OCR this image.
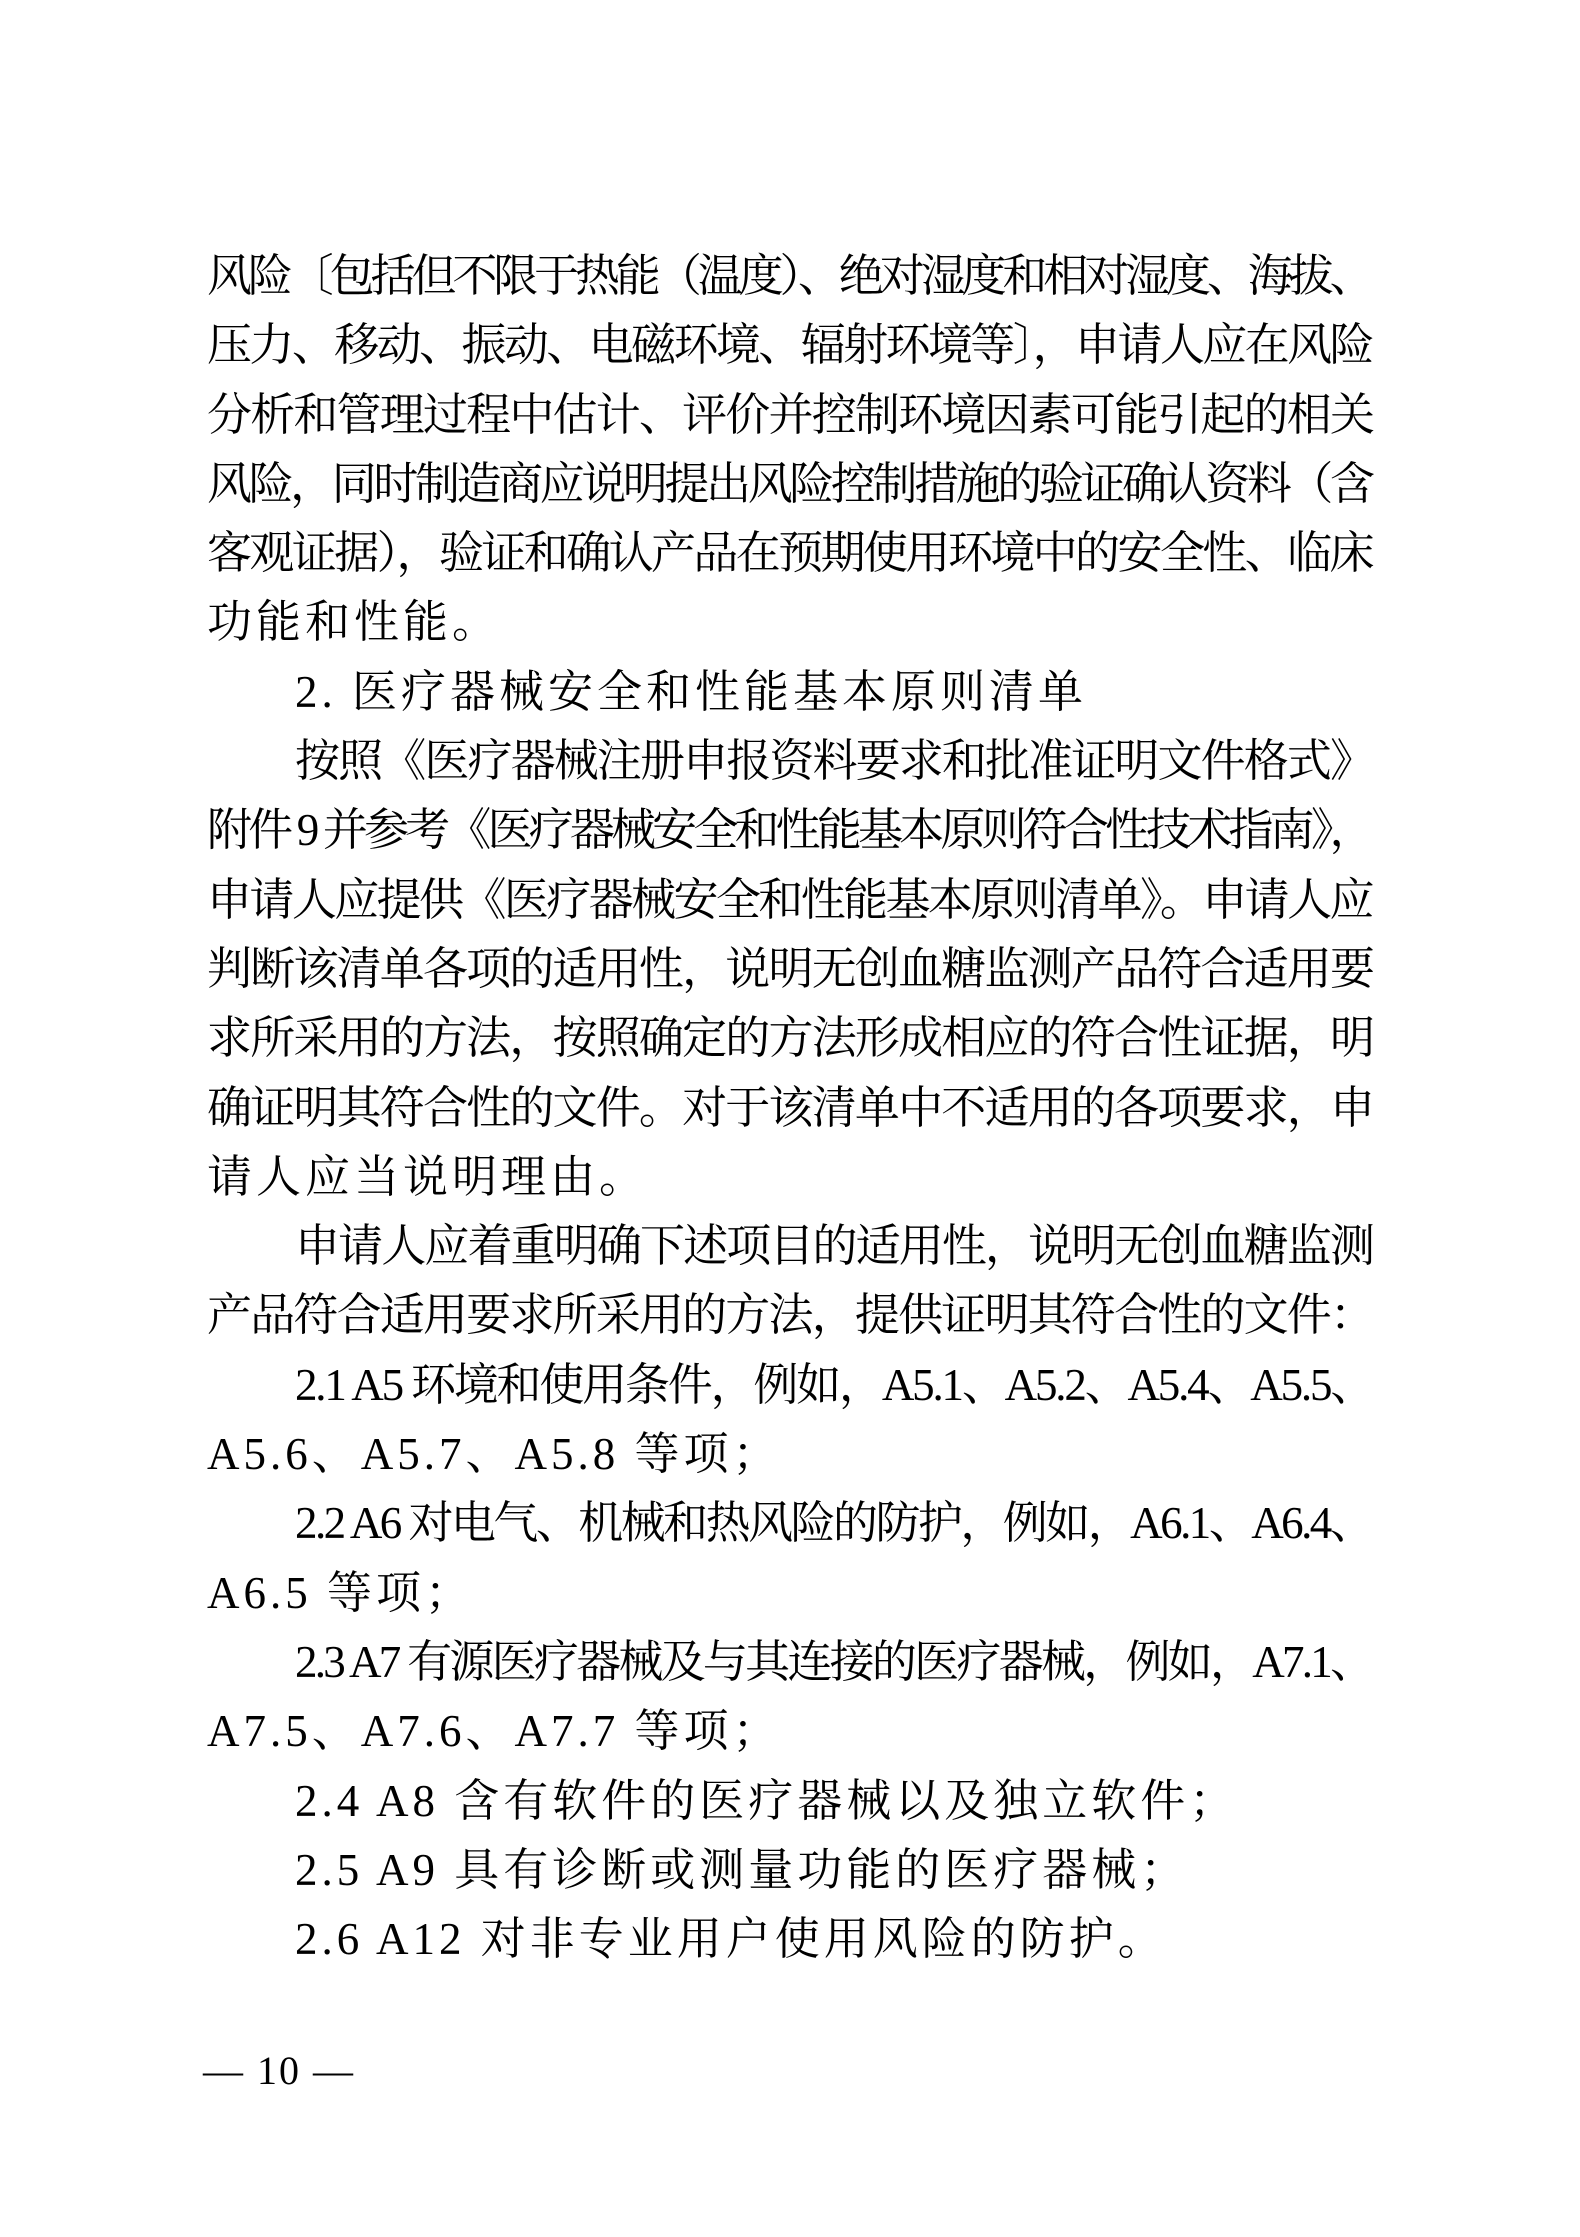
风险〔包括但不限于热能（温度）、绝对湿度和相对湿度、海拔、
压力、移动、振动、电磁环境、辐射环境等〕，申请人应在风险
分析和管理过程中估计、评价并控制环境因素可能引起的相关
风险，同时制造商应说明提出风险控制措施的验证确认资料（含
客观证据），验证和确认产品在预期使用环境中的安全性、临床
功能和性能。
2. 医疗器械安全和性能基本原则清单
按照《医疗器械注册申报资料要求和批准证明文件格式》
附件 9 并参考《医疗器械安全和性能基本原则符合性技术指南》，
申请人应提供《医疗器械安全和性能基本原则清单》。申请人应
判断该清单各项的适用性，说明无创血糖监测产品符合适用要
求所采用的方法，按照确定的方法形成相应的符合性证据，明
确证明其符合性的文件。对于该清单中不适用的各项要求，申
请人应当说明理由。
申请人应着重明确下述项目的适用性，说明无创血糖监测
产品符合适用要求所采用的方法，提供证明其符合性的文件：
2.1 A5 环境和使用条件，例如，A5.1、A5.2、A5.4、A5.5、
A5.6、A5.7、A5.8 等项；
2.2 A6 对电气、机械和热风险的防护，例如，A6.1、A6.4、
A6.5 等项；
2.3 A7 有源医疗器械及与其连接的医疗器械，例如，A7.1、
A7.5、A7.6、A7.7 等项；
2.4 A8 含有软件的医疗器械以及独立软件；
2.5 A9 具有诊断或测量功能的医疗器械；
2.6 A12 对非专业用户使用风险的防护。
— 10 —
